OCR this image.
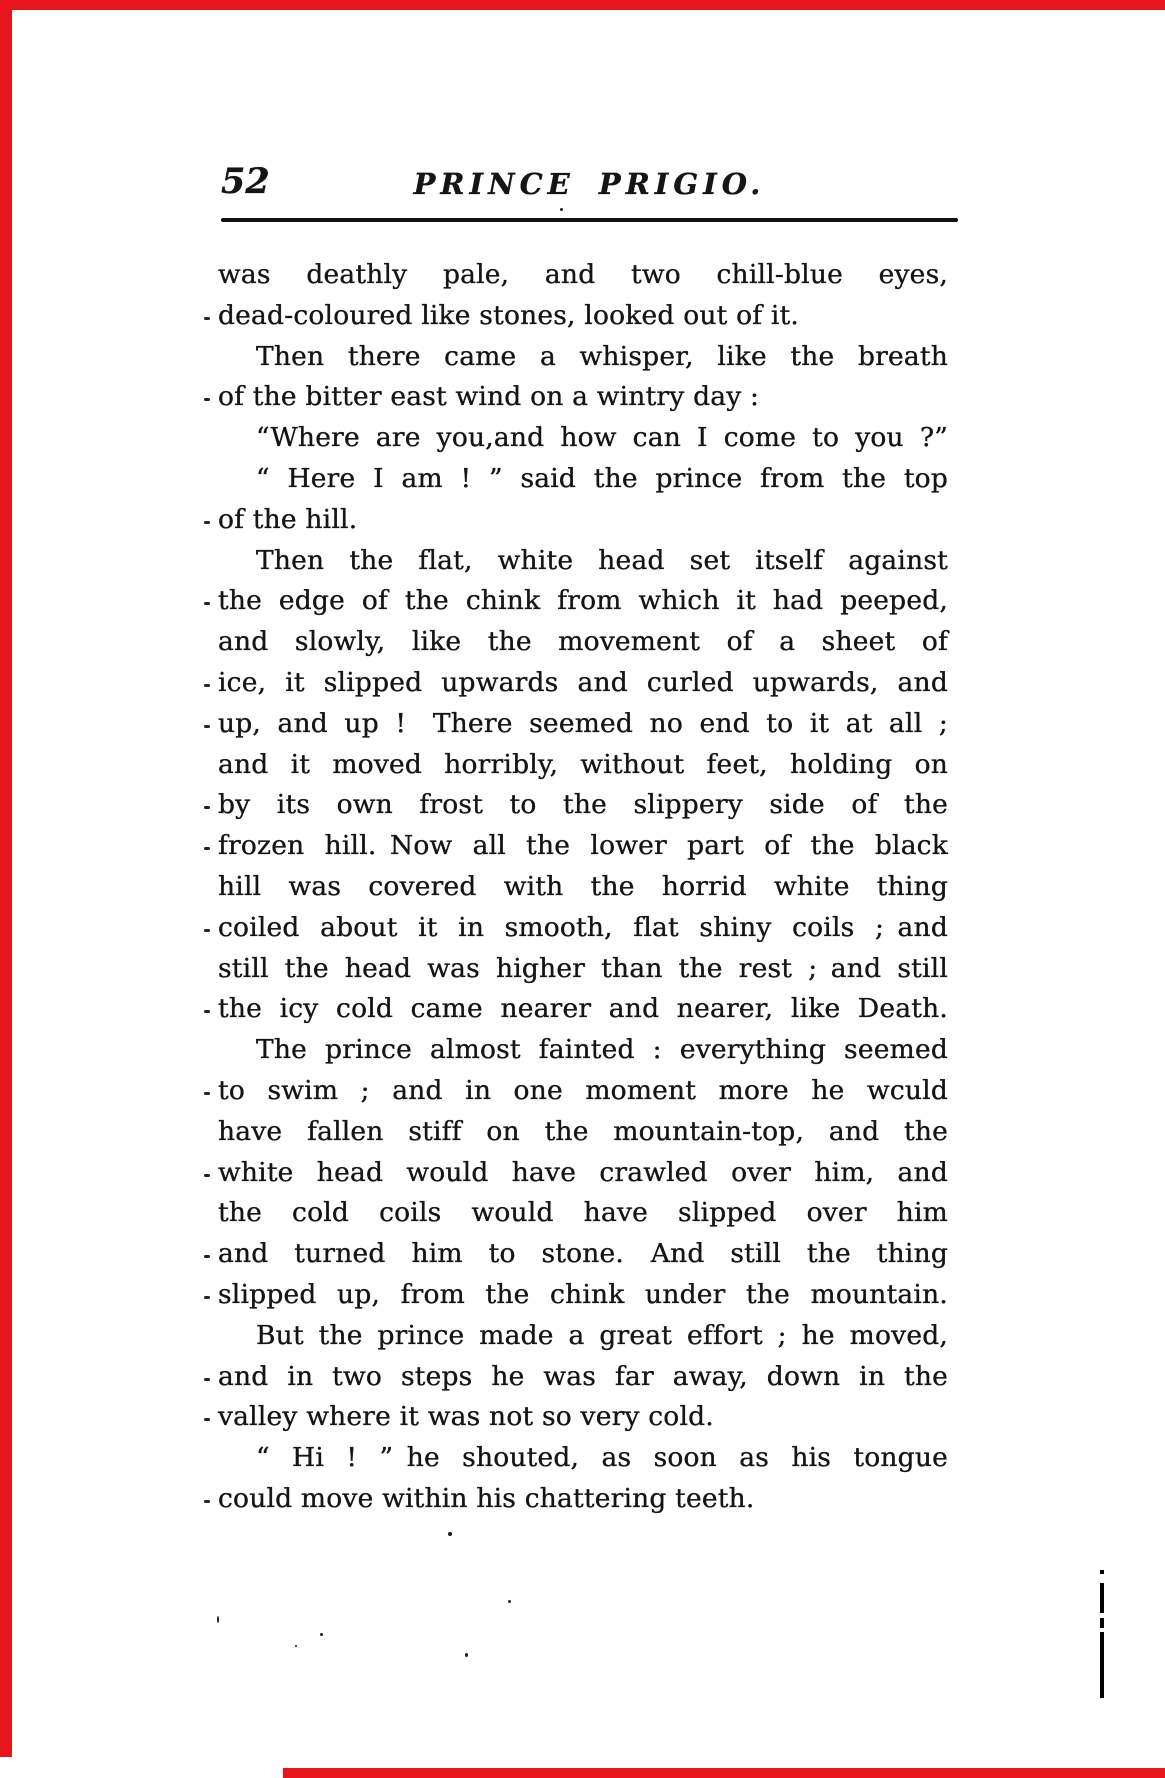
52	PRINCE PRIGIO.
was deathly pale, and two chill-blue eyes,
dead-coloured like stones, looked out of it.
Then there came a whisper, like the breath
of the bitter east wind on a wintry day :
“Where are you,and how can I come to you ?”
“ Here I am ! ” said the prince from the top
of the hill.
Then the flat, white head set itself against
the edge of the chink from which it had peeped,
and slowly, like the movement of a sheet of
ice, it slipped upwards and curled upwards, and
up, and up ! There seemed no end to it at all ;
and it moved horribly, without feet, holding on
by its own frost to the slippery side of the
frozen hill. Now all the lower part of the black
hill was covered with the horrid white thing
coiled about it in smooth, flat shiny coils ; and
still the head was higher than the rest ; and still
the icy cold came nearer and nearer, like Death.
The prince almost fainted : everything seemed
to swim ; and in one moment more he wculd
have fallen stiff on the mountain-top, and the
white head would have crawled over him, and
the cold coils would have slipped over him
and turned him to stone. And still the thing
slipped up, from the chink under the mountain.
But the prince made a great effort ; he moved,
and in two steps he was far away, down in the
valley where it was not so very cold.
“ Hi ! ” he shouted, as soon as his tongue
could move within his chattering teeth.
